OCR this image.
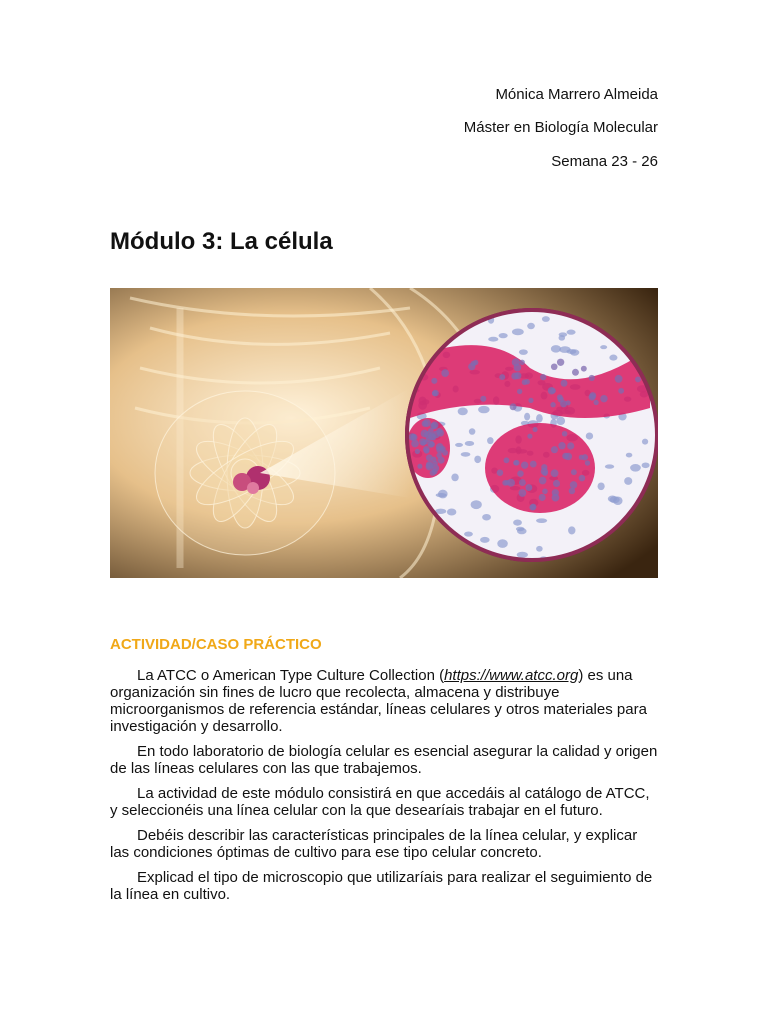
Mónica Marrero Almeida
Máster en Biología Molecular
Semana 23 - 26
Módulo 3: La célula
ACTIVIDAD/CASO PRÁCTICO

La ATCC o American Type Culture Collection (https://www.atcc.org) es una organización sin fines de lucro que recolecta, almacena y distribuye microorganismos de referencia estándar, líneas celulares y otros materiales para investigación y desarrollo.

En todo laboratorio de biología celular es esencial asegurar la calidad y origen de las líneas celulares con las que trabajemos.

La actividad de este módulo consistirá en que accedáis al catálogo de ATCC, y seleccionéis una línea celular con la que desearíais trabajar en el futuro.

Debéis describir las características principales de la línea celular, y explicar las condiciones óptimas de cultivo para ese tipo celular concreto.

Explicad el tipo de microscopio que utilizaríais para realizar el seguimiento de la línea en cultivo.
